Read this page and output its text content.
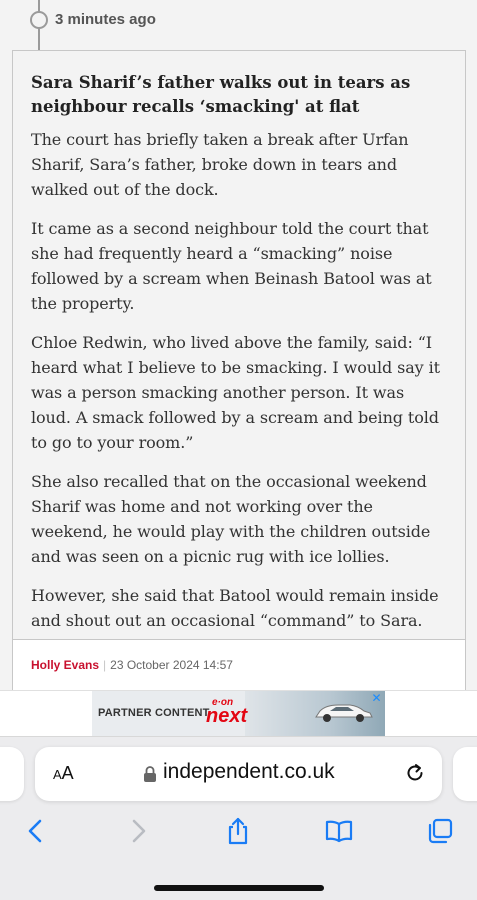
3 minutes ago
Sara Sharif’s father walks out in tears as neighbour recalls ‘smacking' at flat

The court has briefly taken a break after Urfan Sharif, Sara’s father, broke down in tears and walked out of the dock.

It came as a second neighbour told the court that she had frequently heard a “smacking” noise followed by a scream when Beinash Batool was at the property.

Chloe Redwin, who lived above the family, said: “I heard what I believe to be smacking. I would say it was a person smacking another person. It was loud. A smack followed by a scream and being told to go to your room.”

She also recalled that on the occasional weekend Sharif was home and not working over the weekend, he would play with the children outside and was seen on a picnic rug with ice lollies.

However, she said that Batool would remain inside and shout out an occasional “command” to Sara.

Holly Evans | 23 October 2024 14:57
PARTNER CONTENT
e·on
next
✕
AA	independent.co.uk
